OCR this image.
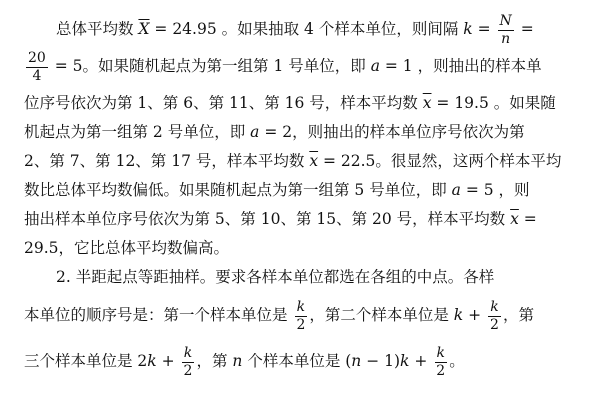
总体平均数 $\overline{X} = 24.95$ 。如果抽取 4 个样本单位，则间隔 $k = \frac{N}{n}$ =
$\frac{20}{4} = 5$。如果随机起点为第一组第 1 号单位，即 a = 1 ，则抽出的样本单
位序号依次为第 1、第 6、第 11、第 16 号，样本平均数 $\overline{x} = 19.5$ 。如果随
机起点为第一组第 2 号单位，即 a = 2，则抽出的样本单位序号依次为第
2、第 7、第 12、第 17 号，样本平均数 $\overline{x} = 22.5$。很显然，这两个样本平均
数比总体平均数偏低。如果随机起点为第一组第 5 号单位，即 a = 5 ，则
抽出样本单位序号依次为第 5、第 10、第 15、第 20 号，样本平均数 $\overline{x}$ =
29.5，它比总体平均数偏高。
2. 半距起点等距抽样。要求各样本单位都选在各组的中点。各样
本单位的顺序号是：第一个样本单位是 $\frac{k}{2}$ ，第二个样本单位是 $k + \frac{k}{2}$ ，第
三个样本单位是 $2k + \frac{k}{2}$ ，第 n 个样本单位是 $(n - 1)k + \frac{k}{2}$ 。
